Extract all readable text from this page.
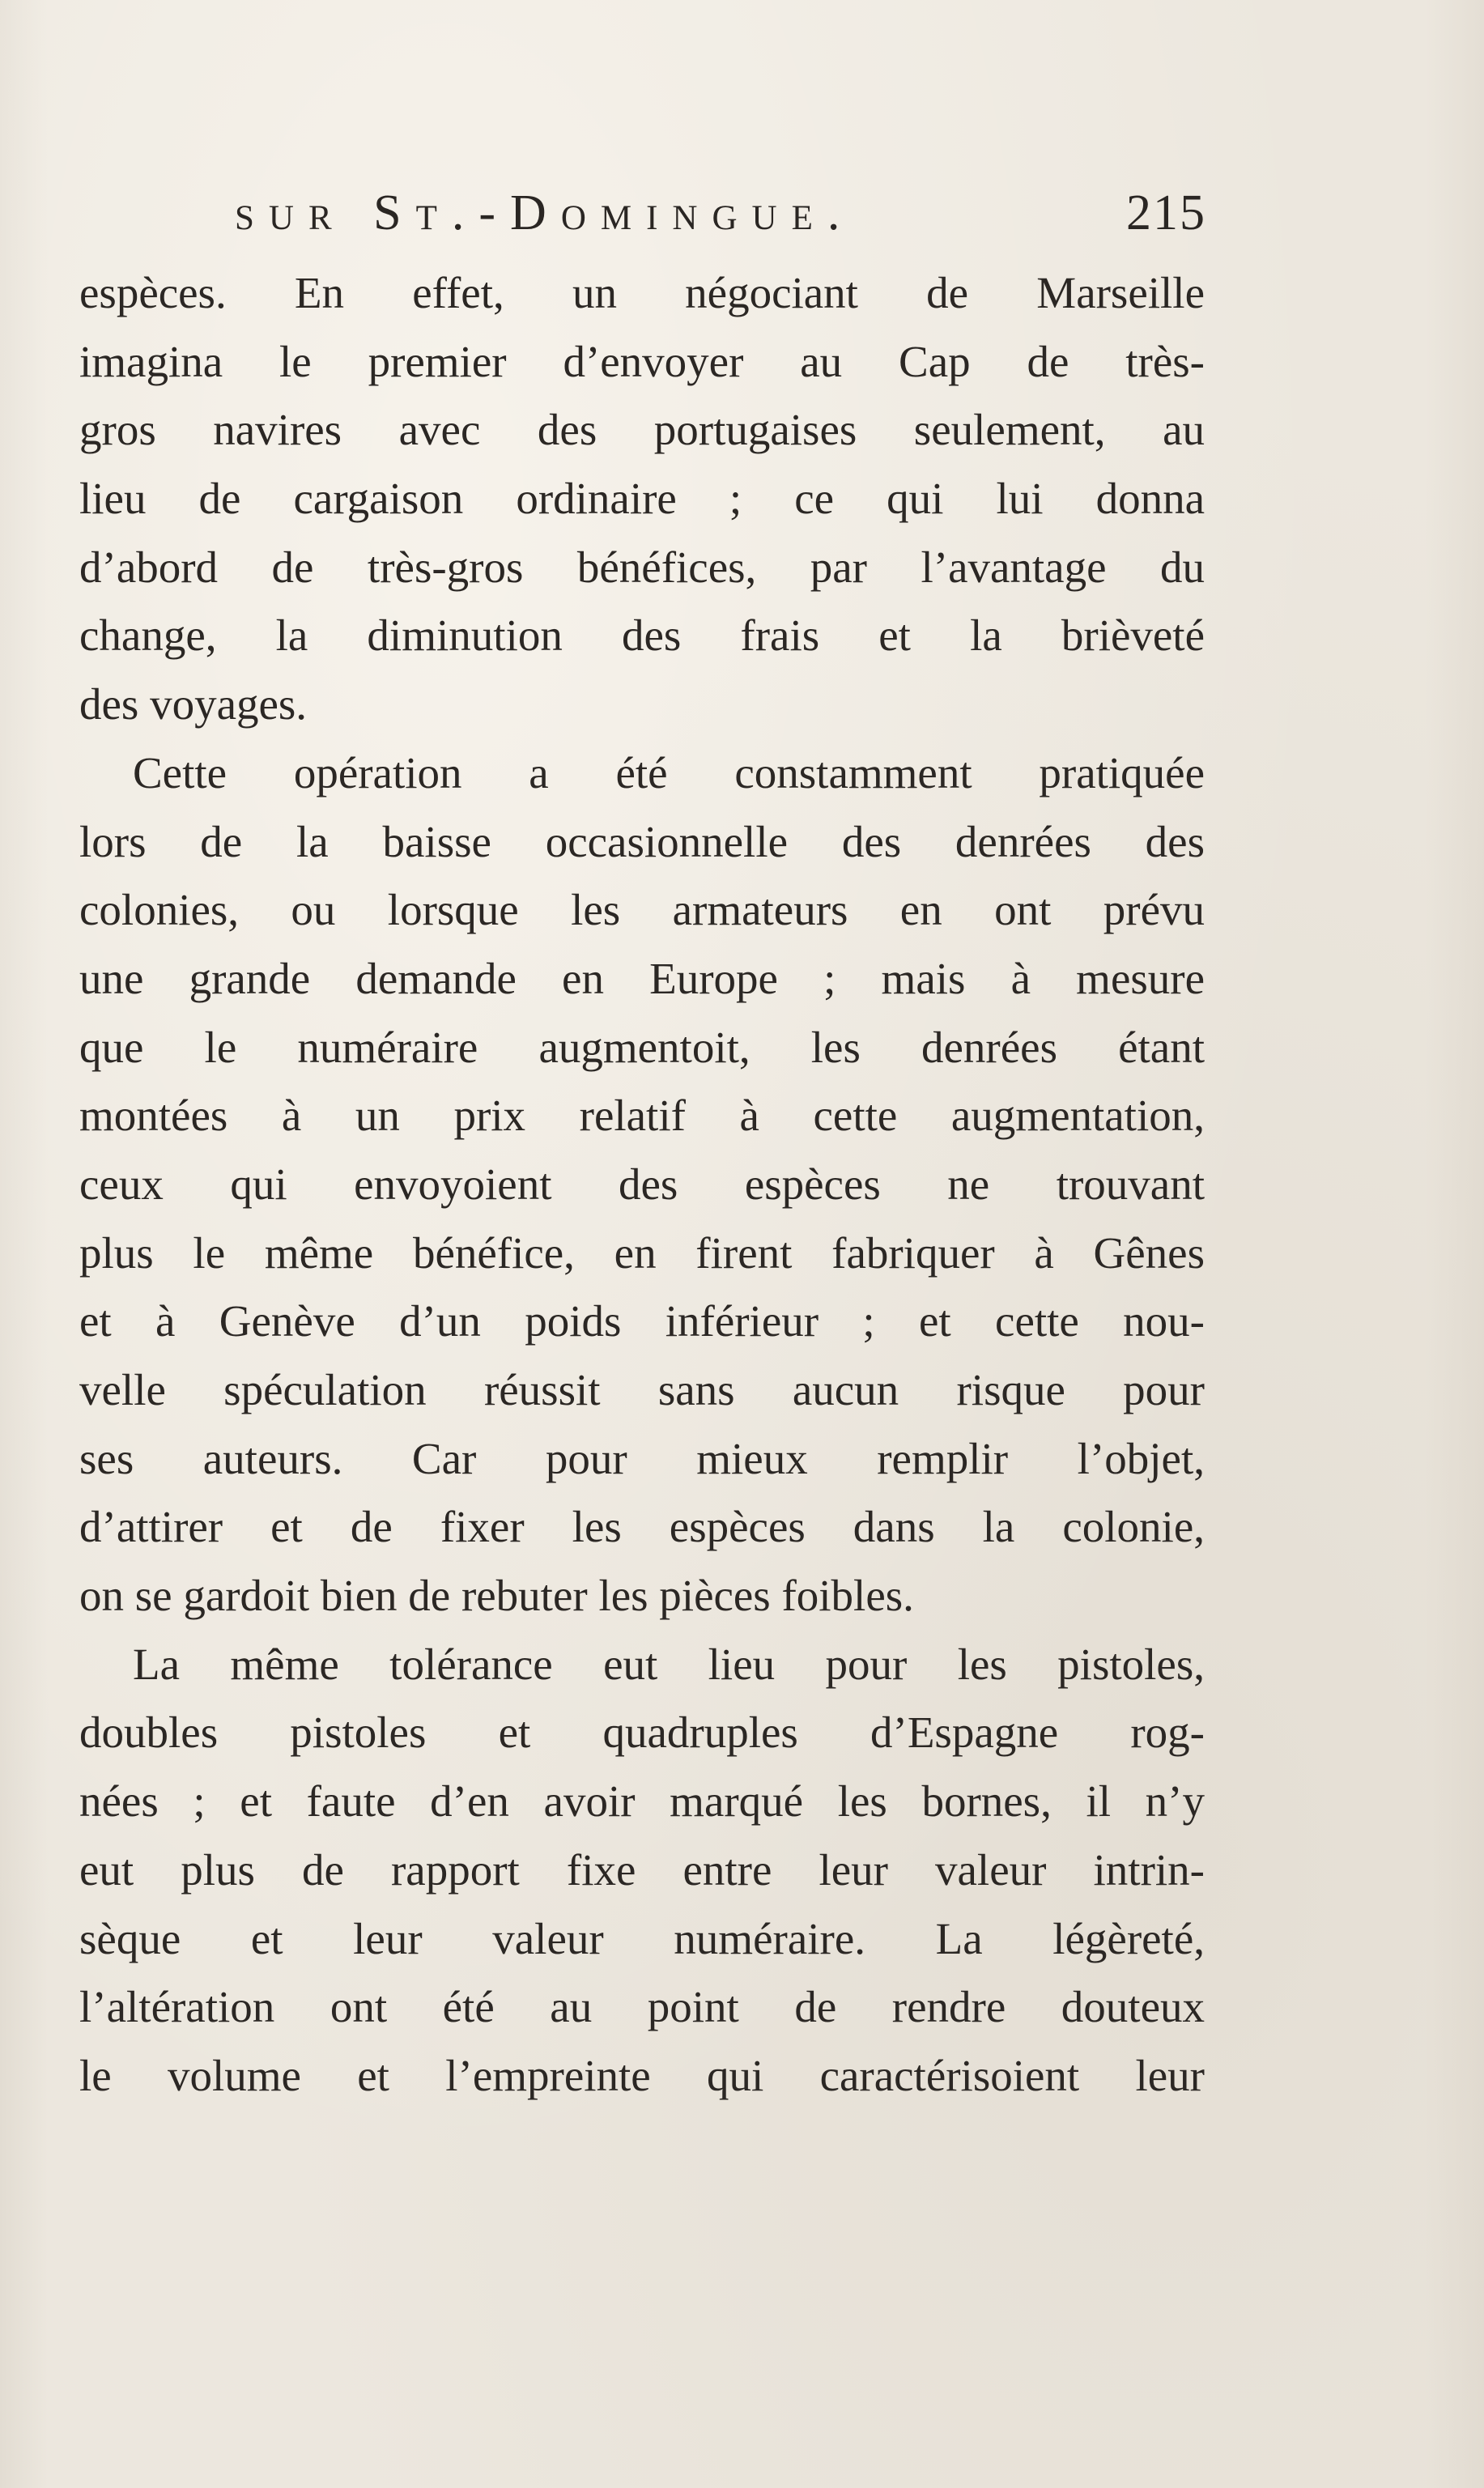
sur St.-Domingue.	215
espèces. En effet, un négociant de Marseille
imagina le premier d’envoyer au Cap de très-
gros navires avec des portugaises seulement, au
lieu de cargaison ordinaire ; ce qui lui donna
d’abord de très-gros bénéfices, par l’avantage du
change, la diminution des frais et la brièveté
des voyages.
Cette opération a été constamment pratiquée
lors de la baisse occasionnelle des denrées des
colonies, ou lorsque les armateurs en ont prévu
une grande demande en Europe ; mais à mesure
que le numéraire augmentoit, les denrées étant
montées à un prix relatif à cette augmentation,
ceux qui envoyoient des espèces ne trouvant
plus le même bénéfice, en firent fabriquer à Gênes
et à Genève d’un poids inférieur ; et cette nou-
velle spéculation réussit sans aucun risque pour
ses auteurs. Car pour mieux remplir l’objet,
d’attirer et de fixer les espèces dans la colonie,
on se gardoit bien de rebuter les pièces foibles.
La même tolérance eut lieu pour les pistoles,
doubles pistoles et quadruples d’Espagne rog-
nées ; et faute d’en avoir marqué les bornes, il n’y
eut plus de rapport fixe entre leur valeur intrin-
sèque et leur valeur numéraire. La légèreté,
l’altération ont été au point de rendre douteux
le volume et l’empreinte qui caractérisoient leur
